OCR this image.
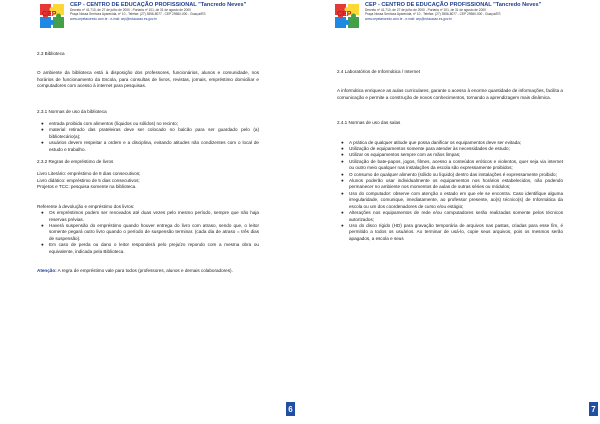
CEP
CEP - CENTRO DE EDUCAÇÃO PROFISSIONAL "Tancredo Neves"
Decreto nº 41.710, de 27 de julho de 2000 - Portaria nº 101, de 31 de agosto de 2000
Praça Nossa Senhora Aparecida, nº 10 - Telefax: (27) 3556-8077 - CEP 29560-000 - Guaçuí/ES
www.cepetancredo.com.br - e-mail: cep@educacao.es.gov.br

2.3 Biblioteca

O ambiente da biblioteca está à disposição dos professores, funcionários, alunos e comunidade, nos horários de funcionamento da Escola, para consultas de livros, revistas, jornais, empréstimo domiciliar e computadores com acesso à internet para pesquisas.

2.3.1 Normas de uso da biblioteca

● entrada proibida com alimentos (líquidos ou sólidos) no recinto;
● material retirado das prateleiras deve ser colocado no balcão para ser guardado pelo (a) bibliotecário(a);
● usuários devem respeitar a ordem e a disciplina, evitando atitudes não condizentes com o local de estudo e trabalho.

2.3.2 Regras de empréstimo de livros

Livro Literário: empréstimo de 8 dias consecutivos;

Livro didático: empréstimo de 5 dias consecutivos;

Projetos e TCC: pesquisa somente na biblioteca.

Referente à devolução e empréstimo dos livros:

● Os empréstimos podem ser renovados até duas vezes pelo mesmo período, sempre que não haja reservas prévias.
● Haverá suspensão do empréstimo quando houver entrega do livro com atraso, sendo que, o leitor somente pegará outro livro quando o período de suspensão terminar. (cada dia de atraso = três dias de suspensão).
● Em caso de perda ou dano o leitor responderá pelo prejuízo repondo com a mesma obra ou equivalente, indicada pela Biblioteca.

Atenção: A regra de empréstimo vale para todos (professores, alunos e demais colaboradores).

6
CEP
CEP - CENTRO DE EDUCAÇÃO PROFISSIONAL "Tancredo Neves"
Decreto nº 41.710, de 27 de julho de 2000 - Portaria nº 101, de 31 de agosto de 2000
Praça Nossa Senhora Aparecida, nº 10 - Telefax: (27) 3556-8077 - CEP 29560-000 - Guaçuí/ES
www.cepetancredo.com.br - e-mail: cep@educacao.es.gov.br

2.4 Laboratórios de Informática / Internet

A informática enriquece as aulas curriculares, garante o acesso à enorme quantidade de informações, facilita a comunicação e permite a construção de novos conhecimentos, tornando a aprendizagem mais dinâmica.

2.4.1 Normas de uso das salas

● A prática de qualquer atitude que possa danificar os equipamentos deve ser evitada;
● Utilização de equipamentos somente para atender às necessidades de estudo;
● Utilizar os equipamentos sempre com as mãos limpas;
● Utilização de bate-papos, jogos, filmes, acesso a conteúdos eróticos e violentos, quer seja via internet ou outro meio qualquer nas instalações da escola são expressamente proibidos;
● O consumo de qualquer alimento (sólido ou líquido) dentro das instalações é expressamente proibido;
● Alunos poderão usar individualmente os equipamentos nos horários estabelecidos, não podendo permanecer no ambiente nos momentos de aulas de outras séries ou módulos;
● Uso do computador: observe com atenção o estado em que ele se encontra. Caso identifique alguma irregularidade, comunique, imediatamente, ao professor presente, ao(s) técnico(s) de Informática da escola ou um dos coordenadores de curso e/ou estágio;
● Alterações nos equipamentos de rede e/ou computadores serão realizadas somente pelos técnicos autorizados;
● Uso do disco rígido (HD) para gravação temporária de arquivos nas pastas, criadas para esse fim, é permitido a todos os usuários. Ao terminar de usá-lo, copie seus arquivos, pois os mesmos serão apagados, a escola e seus
7
